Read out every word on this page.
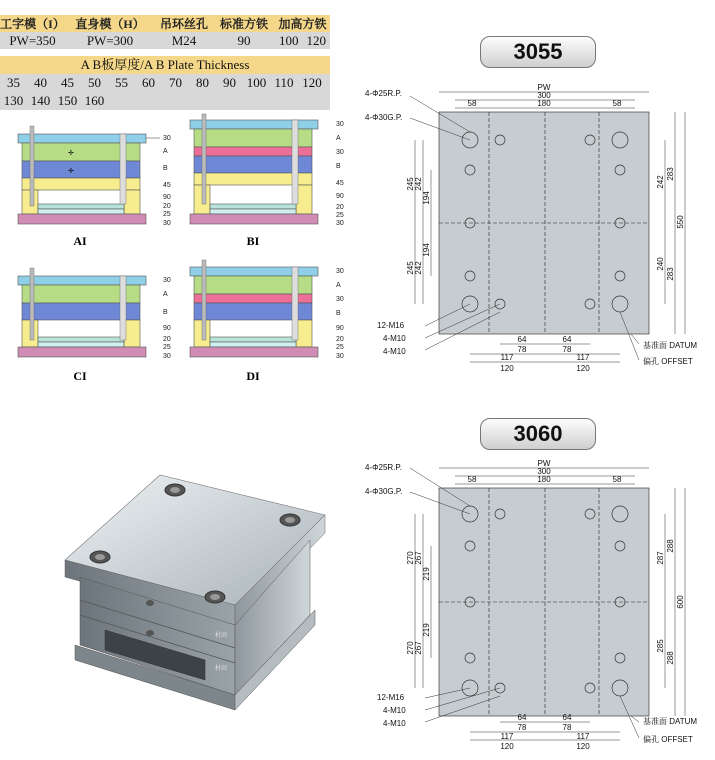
工字模（I）	直身模（H）	吊环丝孔	标准方铁	加高方铁	
PW=350	PW=300	M24	90	100	120
A B板厚度/A B Plate Thickness
35 40 45 50 55 60 70 80 90 100 110 120
130 140 150 160
✛
✛
30
A
B
45
90
20
25
30
AI
30
A
30
B
45
90
20
25
30
BI
30
A
B
90
20
25
30
CI
30
A
30
B
90
20
25
30
DI
村田
村田
3055
PW
300
58	180	58
245 242
194
245 242
194
242
283
550
240
283
64
78
64
78
117
120
117
120
4-Φ25R.P.
4-Φ30G.P.
12-M16
4-M10
4-M10
基准面 DATUM
偏孔 OFFSET
3060
PW
300
58	180	58
270 267
219
270 267
219
287
288
600
285
288
64
78
64
78
117
120
117
120
4-Φ25R.P.
4-Φ30G.P.
12-M16
4-M10
4-M10	基准面 DATUM
偏孔 OFFSET
